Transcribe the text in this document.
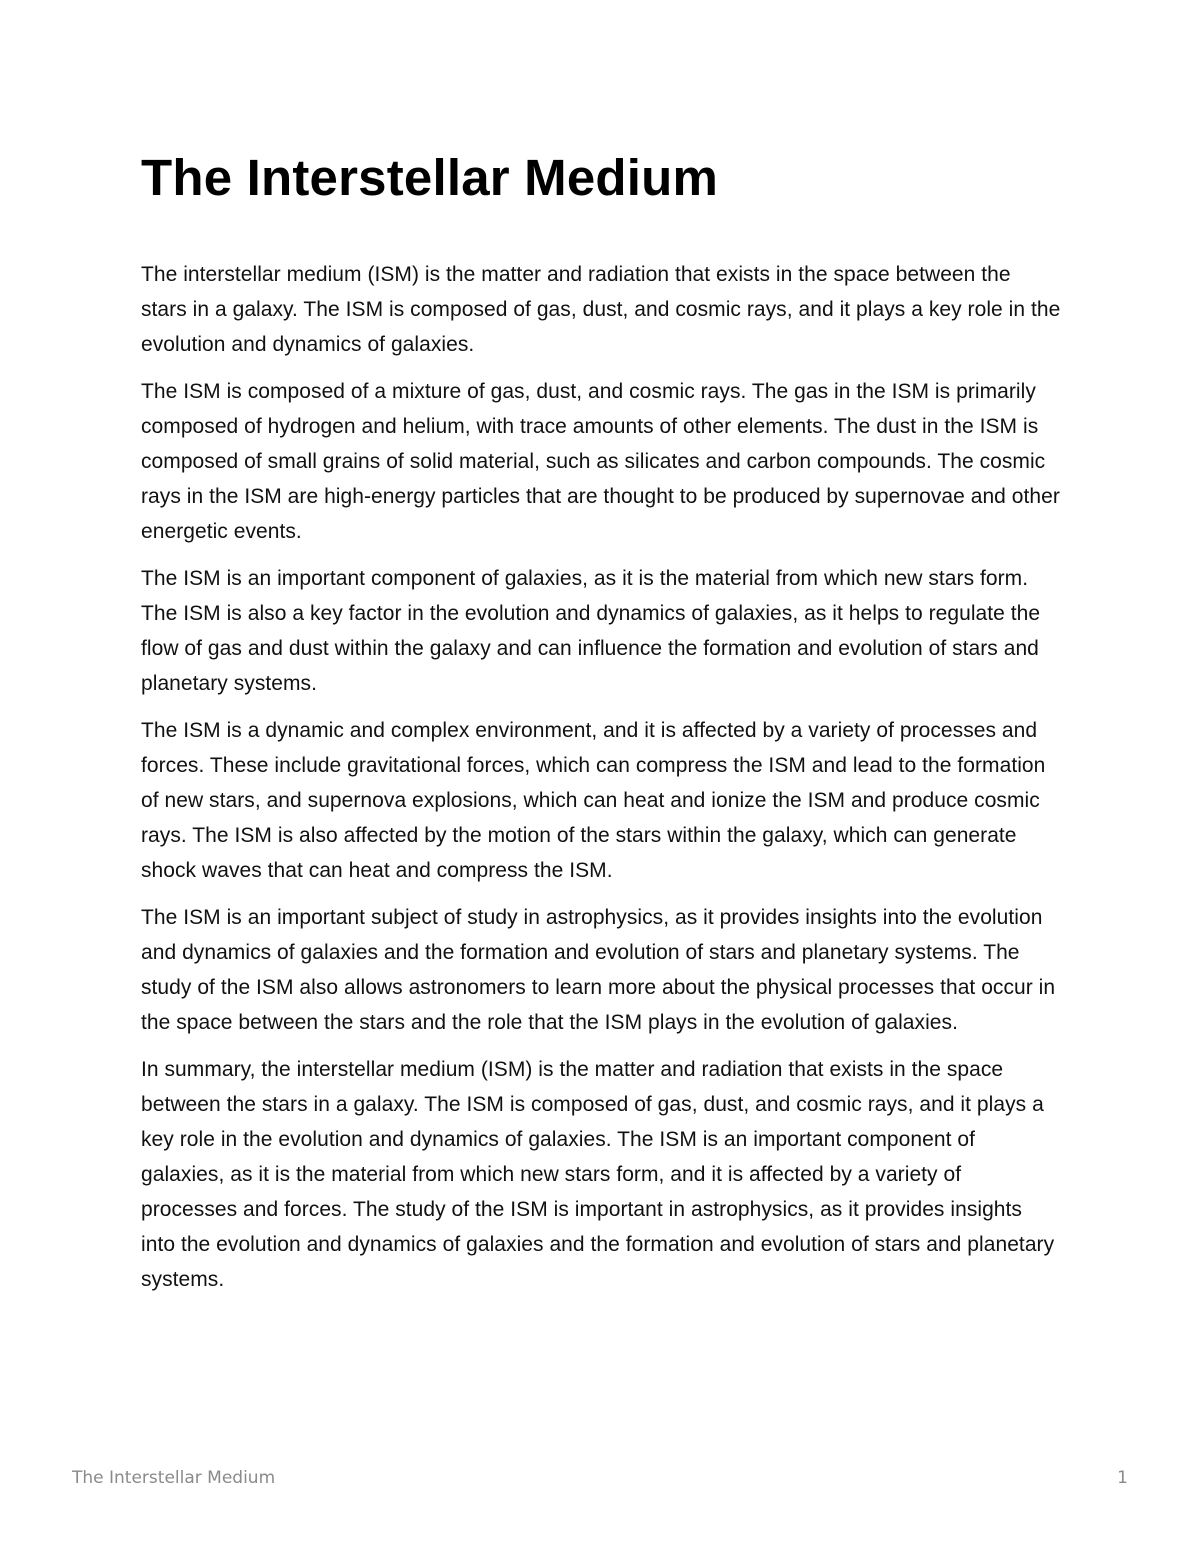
The Interstellar Medium

The interstellar medium (ISM) is the matter and radiation that exists in the space between the stars in a galaxy. The ISM is composed of gas, dust, and cosmic rays, and it plays a key role in the evolution and dynamics of galaxies.

The ISM is composed of a mixture of gas, dust, and cosmic rays. The gas in the ISM is primarily composed of hydrogen and helium, with trace amounts of other elements. The dust in the ISM is composed of small grains of solid material, such as silicates and carbon compounds. The cosmic rays in the ISM are high-energy particles that are thought to be produced by supernovae and other energetic events.

The ISM is an important component of galaxies, as it is the material from which new stars form. The ISM is also a key factor in the evolution and dynamics of galaxies, as it helps to regulate the flow of gas and dust within the galaxy and can influence the formation and evolution of stars and planetary systems.

The ISM is a dynamic and complex environment, and it is affected by a variety of processes and forces. These include gravitational forces, which can compress the ISM and lead to the formation of new stars, and supernova explosions, which can heat and ionize the ISM and produce cosmic rays. The ISM is also affected by the motion of the stars within the galaxy, which can generate shock waves that can heat and compress the ISM.

The ISM is an important subject of study in astrophysics, as it provides insights into the evolution and dynamics of galaxies and the formation and evolution of stars and planetary systems. The study of the ISM also allows astronomers to learn more about the physical processes that occur in the space between the stars and the role that the ISM plays in the evolution of galaxies.

In summary, the interstellar medium (ISM) is the matter and radiation that exists in the space between the stars in a galaxy. The ISM is composed of gas, dust, and cosmic rays, and it plays a key role in the evolution and dynamics of galaxies. The ISM is an important component of galaxies, as it is the material from which new stars form, and it is affected by a variety of processes and forces. The study of the ISM is important in astrophysics, as it provides insights into the evolution and dynamics of galaxies and the formation and evolution of stars and planetary systems.

The Interstellar Medium	1
